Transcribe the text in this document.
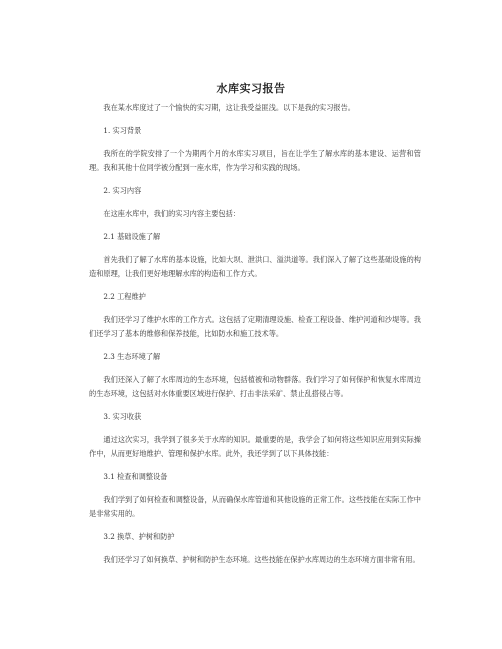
水库实习报告

我在某水库度过了一个愉快的实习期，这让我受益匪浅。以下是我的实习报告。

1. 实习背景

我所在的学院安排了一个为期两个月的水库实习项目，旨在让学生了解水库的基本建设、运营和管理。我和其他十位同学被分配到一座水库，作为学习和实践的现场。

2. 实习内容

在这座水库中，我们的实习内容主要包括：

2.1 基础设施了解

首先我们了解了水库的基本设施，比如大坝、泄洪口、溢洪道等。我们深入了解了这些基础设施的构造和原理，让我们更好地理解水库的构造和工作方式。

2.2 工程维护

我们还学习了维护水库的工作方式。这包括了定期清理设施、检查工程设备、维护河道和沙堤等。我们还学习了基本的维修和保养技能，比如防水和施工技术等。

2.3 生态环境了解

我们还深入了解了水库周边的生态环境，包括植被和动物群落。我们学习了如何保护和恢复水库周边的生态环境，这包括对水体重要区域进行保护、打击非法采矿、禁止乱搭侵占等。

3. 实习收获

通过这次实习，我学到了很多关于水库的知识。最重要的是，我学会了如何将这些知识应用到实际操作中，从而更好地维护、管理和保护水库。此外，我还学到了以下具体技能：

3.1 检查和调整设备

我们学到了如何检查和调整设备，从而确保水库管道和其他设施的正常工作。这些技能在实际工作中是非常实用的。

3.2 换草、护树和防护

我们还学习了如何换草、护树和防护生态环境。这些技能在保护水库周边的生态环境方面非常有用。
